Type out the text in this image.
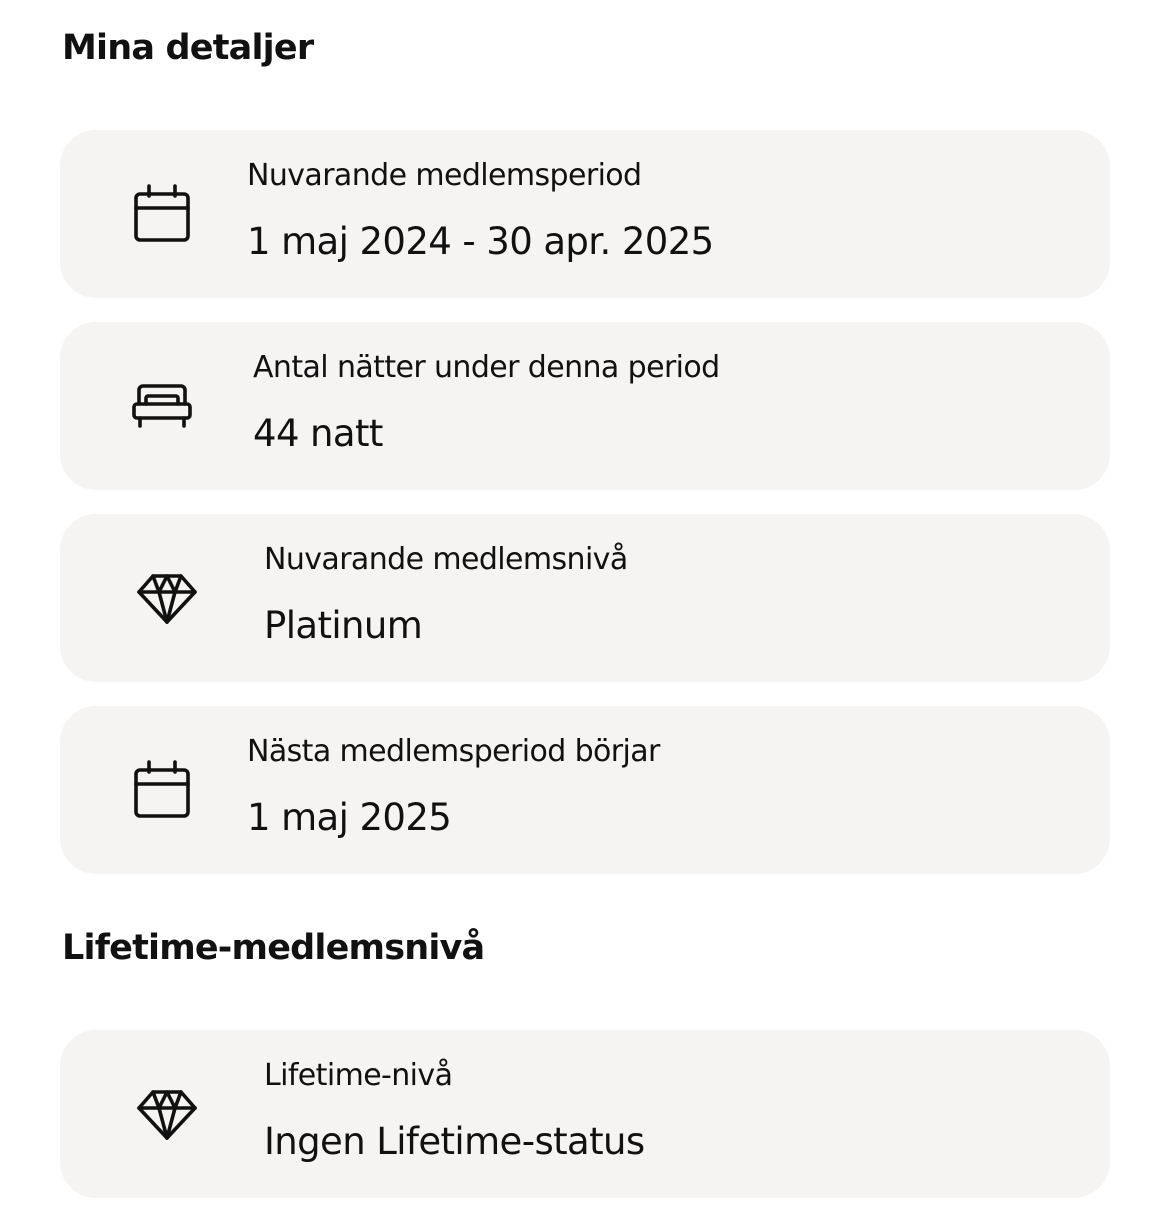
Mina detaljer
Nuvarande medlemsperiod
1 maj 2024 - 30 apr. 2025
Antal nätter under denna period
44 natt
Nuvarande medlemsnivå
Platinum
Nästa medlemsperiod börjar
1 maj 2025
Lifetime-medlemsnivå
Lifetime-nivå
Ingen Lifetime-status
